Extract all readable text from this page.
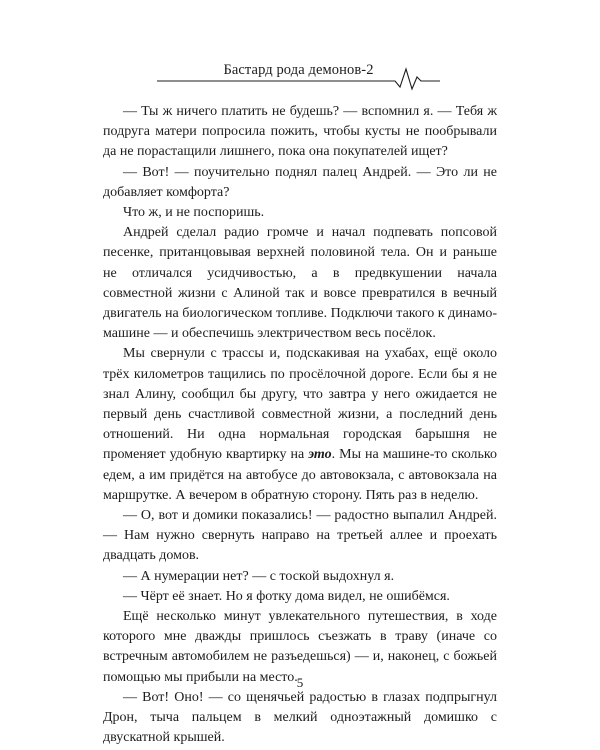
Бастард рода демонов-2

— Ты ж ничего платить не будешь? — вспомнил я. — Тебя ж подруга матери попросила пожить, чтобы кусты не пообрывали да не порастащили лишнего, пока она покупателей ищет?

— Вот! — поучительно поднял палец Андрей. — Это ли не добавляет комфорта?

Что ж, и не поспоришь.

Андрей сделал радио громче и начал подпевать попсовой песенке, пританцовывая верхней половиной тела. Он и раньше не отличался усидчивостью, а в предвкушении начала совместной жизни с Алиной так и вовсе превратился в вечный двигатель на биологическом топливе. Подключи такого к динамо-машине — и обеспечишь электричеством весь посёлок.

Мы свернули с трассы и, подскакивая на ухабах, ещё около трёх километров тащились по просёлочной дороге. Если бы я не знал Алину, сообщил бы другу, что завтра у него ожидается не первый день счастливой совместной жизни, а последний день отношений. Ни одна нормальная городская барышня не променяет удобную квартирку на это. Мы на машине-то сколько едем, а им придётся на автобусе до автовокзала, с автовокзала на маршрутке. А вечером в обратную сторону. Пять раз в неделю.

— О, вот и домики показались! — радостно выпалил Андрей. — Нам нужно свернуть направо на третьей аллее и проехать двадцать домов.

— А нумерации нет? — с тоской выдохнул я.

— Чёрт её знает. Но я фотку дома видел, не ошибёмся.

Ещё несколько минут увлекательного путешествия, в ходе которого мне дважды пришлось съезжать в траву (иначе со встречным автомобилем не разъедешься) — и, наконец, с божьей помощью мы прибыли на место.

— Вот! Оно! — со щенячьей радостью в глазах подпрыгнул Дрон, тыча пальцем в мелкий одноэтажный домишко с двускатной крышей.

5
